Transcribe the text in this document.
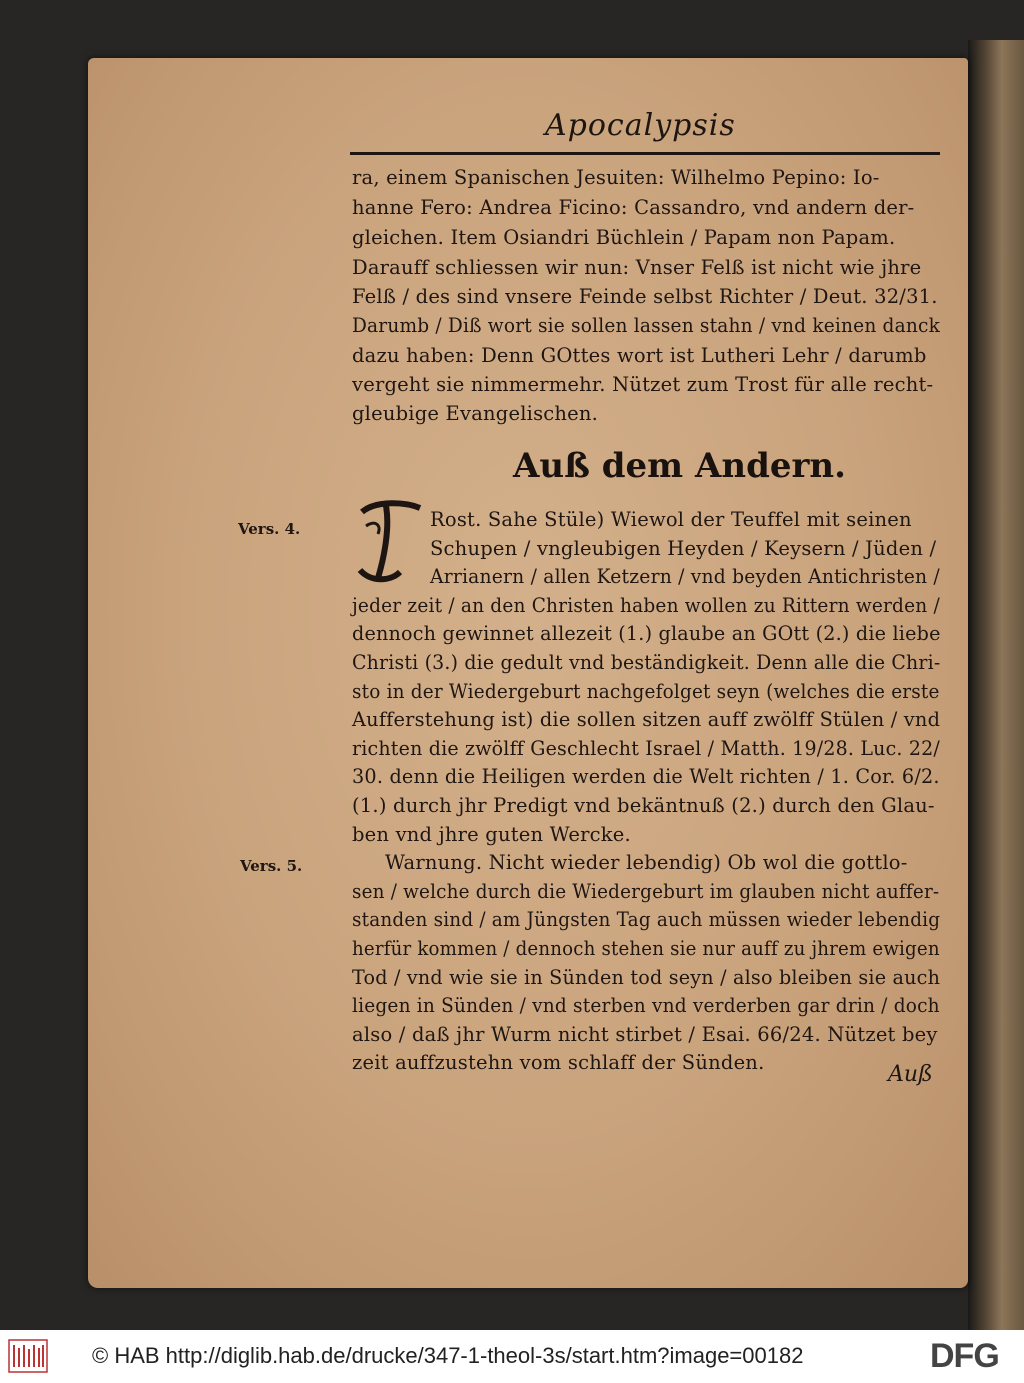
Apocalypsis
ra, einem Spanischen Jesuiten: Wilhelmo Pepino: Io-
hanne Fero: Andrea Ficino: Cassandro, vnd andern der-
gleichen. Item Osiandri Büchlein / Papam non Papam.
Darauff schliessen wir nun: Vnser Felß ist nicht wie jhre
Felß / des sind vnsere Feinde selbst Richter / Deut. 32/31.
Darumb / Diß wort sie sollen lassen stahn / vnd keinen danck
dazu haben: Denn GOttes wort ist Lutheri Lehr / darumb
vergeht sie nimmermehr. Nützet zum Trost für alle recht-
gleubige Evangelischen.
Auß dem Andern.
Rost. Sahe Stüle) Wiewol der Teuffel mit seinen
Schupen / vngleubigen Heyden / Keysern / Jüden /
Arrianern / allen Ketzern / vnd beyden Antichristen /
jeder zeit / an den Christen haben wollen zu Rittern werden /
dennoch gewinnet allezeit (1.) glaube an GOtt (2.) die liebe
Christi (3.) die gedult vnd beständigkeit. Denn alle die Chri-
sto in der Wiedergeburt nachgefolget seyn (welches die erste
Aufferstehung ist) die sollen sitzen auff zwölff Stülen / vnd
richten die zwölff Geschlecht Israel / Matth. 19/28. Luc. 22/
30. denn die Heiligen werden die Welt richten / 1. Cor. 6/2.
(1.) durch jhr Predigt vnd bekäntnuß (2.) durch den Glau-
ben vnd jhre guten Wercke.
Warnung. Nicht wieder lebendig) Ob wol die gottlo-
sen / welche durch die Wiedergeburt im glauben nicht auffer-
standen sind / am Jüngsten Tag auch müssen wieder lebendig
herfür kommen / dennoch stehen sie nur auff zu jhrem ewigen
Tod / vnd wie sie in Sünden tod seyn / also bleiben sie auch
liegen in Sünden / vnd sterben vnd verderben gar drin / doch
also / daß jhr Wurm nicht stirbet / Esai. 66/24. Nützet bey
zeit auffzustehn vom schlaff der Sünden.
Vers. 4.
Vers. 5.
Auß
© HAB http://diglib.hab.de/drucke/347-1-theol-3s/start.htm?image=00182	DFG
